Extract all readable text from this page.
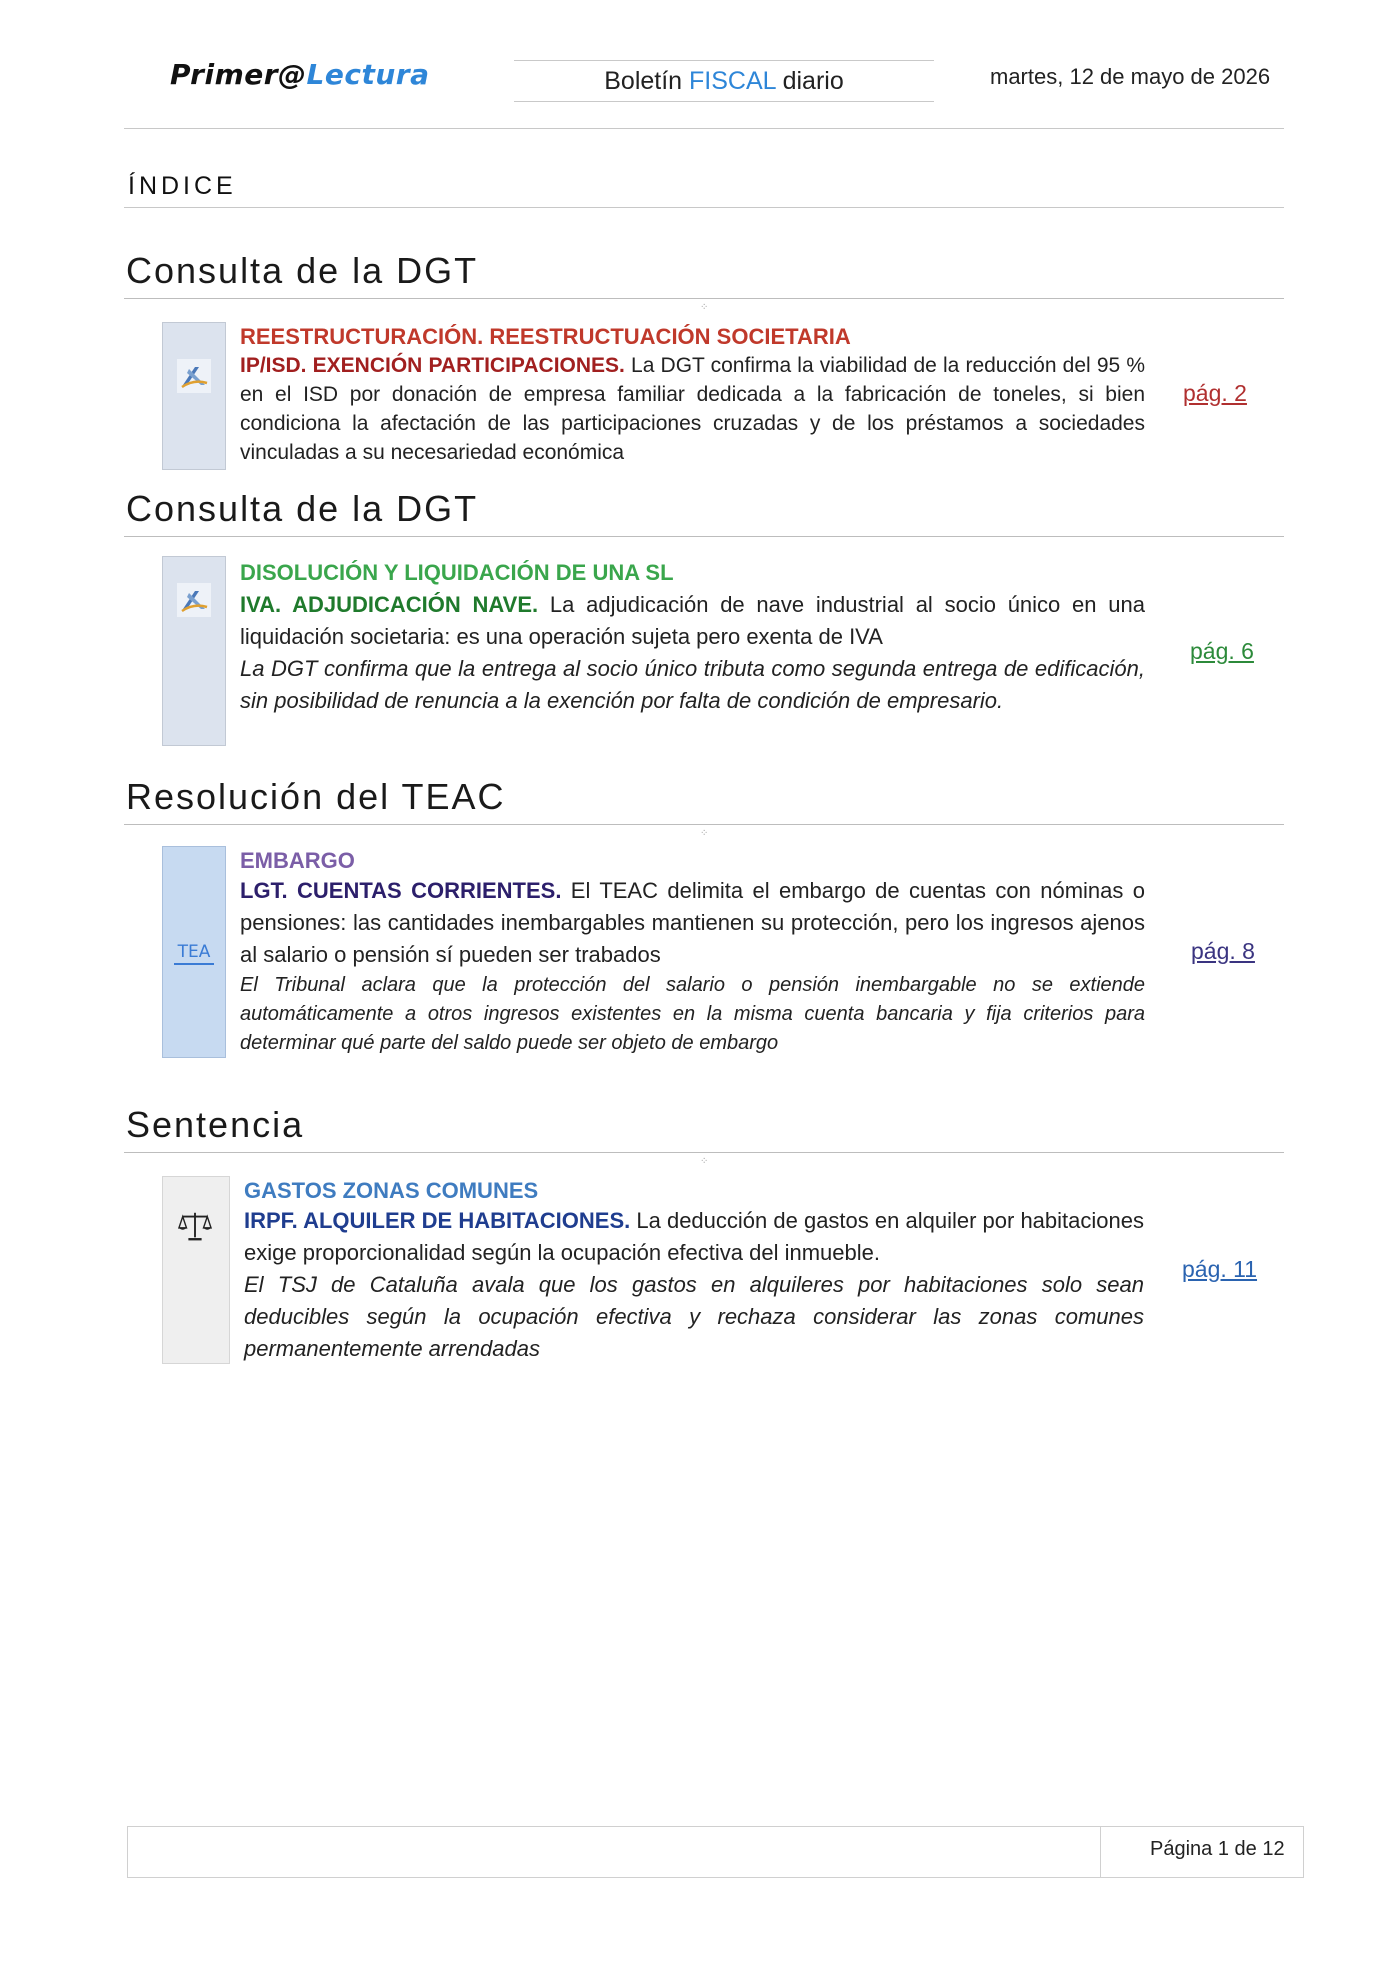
Primer@Lectura	Boletín FISCAL diario	martes, 12 de mayo de 2026
ÍNDICE
Consulta de la DGT
⁘
REESTRUCTURACIÓN. REESTRUCTUACIÓN SOCIETARIA
IP/ISD. EXENCIÓN PARTICIPACIONES. La DGT confirma la viabilidad de la reducción del 95 % en el ISD por donación de empresa familiar dedicada a la fabricación de toneles, si bien condiciona la afectación de las participaciones cruzadas y de los préstamos a sociedades vinculadas a su necesariedad económica
pág. 2
Consulta de la DGT
DISOLUCIÓN Y LIQUIDACIÓN DE UNA SL
IVA. ADJUDICACIÓN NAVE. La adjudicación de nave industrial al socio único en una liquidación societaria: es una operación sujeta pero exenta de IVA
La DGT confirma que la entrega al socio único tributa como segunda entrega de edificación, sin posibilidad de renuncia a la exención por falta de condición de empresario.
pág. 6
Resolución del TEAC
⁘
TEA
EMBARGO
LGT. CUENTAS CORRIENTES. El TEAC delimita el embargo de cuentas con nóminas o pensiones: las cantidades inembargables mantienen su protección, pero los ingresos ajenos al salario o pensión sí pueden ser trabados
El Tribunal aclara que la protección del salario o pensión inembargable no se extiende automáticamente a otros ingresos existentes en la misma cuenta bancaria y fija criterios para determinar qué parte del saldo puede ser objeto de embargo
pág. 8
Sentencia
⁘
GASTOS ZONAS COMUNES
IRPF. ALQUILER DE HABITACIONES. La deducción de gastos en alquiler por habitaciones exige proporcionalidad según la ocupación efectiva del inmueble.
El TSJ de Cataluña avala que los gastos en alquileres por habitaciones solo sean deducibles según la ocupación efectiva y rechaza considerar las zonas comunes permanentemente arrendadas
pág. 11
Página 1 de 12
